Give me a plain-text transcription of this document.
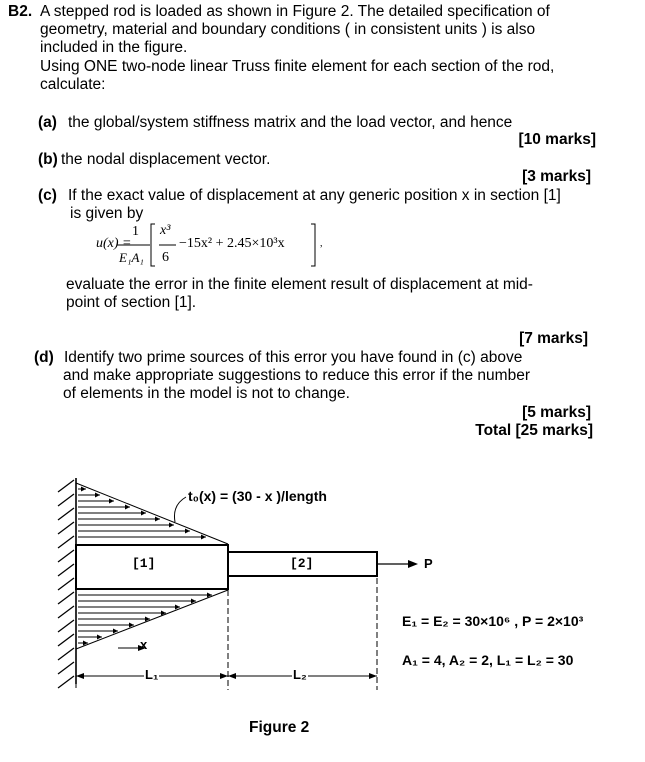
B2. A stepped rod is loaded as shown in Figure 2. The detailed specification of
geometry, material and boundary conditions ( in consistent units ) is also
included in the figure.
Using ONE two-node linear Truss finite element for each section of the rod,
calculate:
(a) the global/system stiffness matrix and the load vector, and hence
[10 marks]
(b) the nodal displacement vector.
[3 marks]
(c) If the exact value of displacement at any generic position x in section [1]
is given by
u(x) =
1
E₁A₁
x³
6
−15x² + 2.45×10³x	,
evaluate the error in the finite element result of displacement at mid-
point of section [1].
[7 marks]
(d) Identify two prime sources of this error you have found in (c) above
and make appropriate suggestions to reduce this error if the number
of elements in the model is not to change.
[5 marks]
Total [25 marks]
t₀(x) = (30 - x )/length
[1]	[2]	P
x
L₁	L₂
E₁ = E₂ = 30×10⁶ , P = 2×10³
A₁ = 4, A₂ = 2, L₁ = L₂ = 30
Figure 2
